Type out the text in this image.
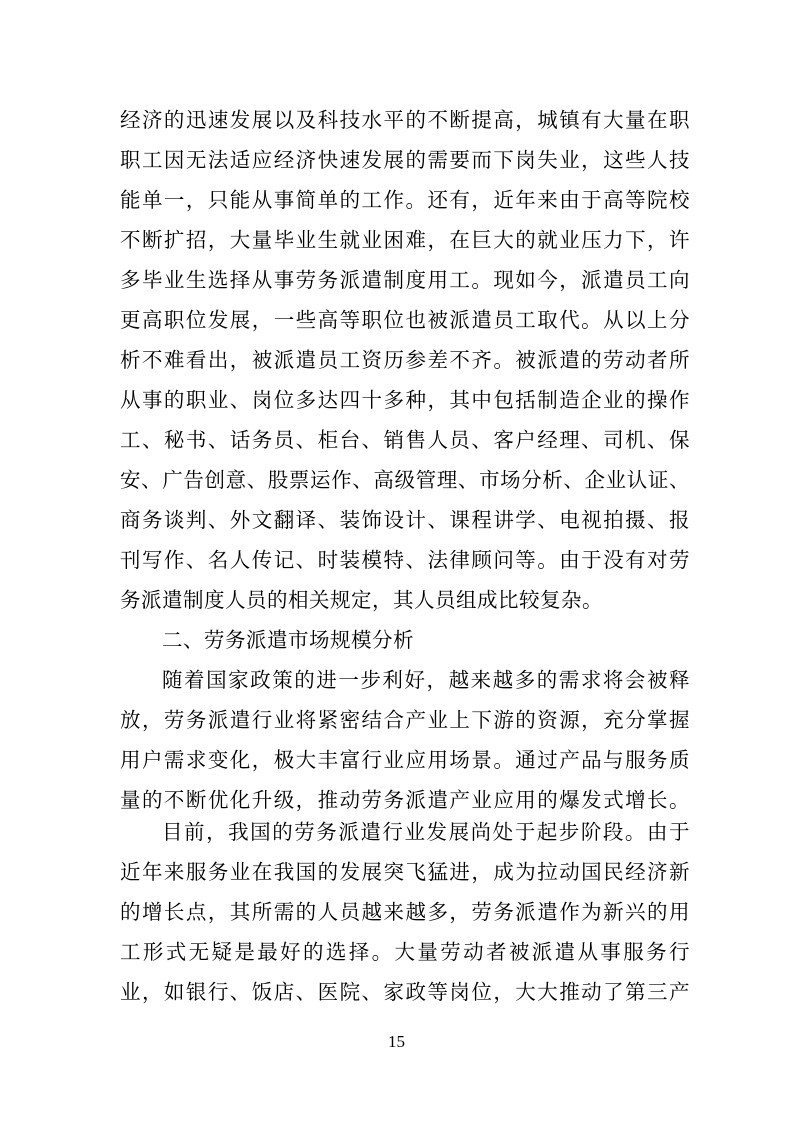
经济的迅速发展以及科技水平的不断提高，城镇有大量在职
职工因无法适应经济快速发展的需要而下岗失业，这些人技
能单一，只能从事简单的工作。还有，近年来由于高等院校
不断扩招，大量毕业生就业困难，在巨大的就业压力下，许
多毕业生选择从事劳务派遣制度用工。现如今，派遣员工向
更高职位发展，一些高等职位也被派遣员工取代。从以上分
析不难看出，被派遣员工资历参差不齐。被派遣的劳动者所
从事的职业、岗位多达四十多种，其中包括制造企业的操作
工、秘书、话务员、柜台、销售人员、客户经理、司机、保
安、广告创意、股票运作、高级管理、市场分析、企业认证、
商务谈判、外文翻译、装饰设计、课程讲学、电视拍摄、报
刊写作、名人传记、时装模特、法律顾问等。由于没有对劳
务派遣制度人员的相关规定，其人员组成比较复杂。
二、劳务派遣市场规模分析
随着国家政策的进一步利好，越来越多的需求将会被释
放，劳务派遣行业将紧密结合产业上下游的资源，充分掌握
用户需求变化，极大丰富行业应用场景。通过产品与服务质
量的不断优化升级，推动劳务派遣产业应用的爆发式增长。
目前，我国的劳务派遣行业发展尚处于起步阶段。由于
近年来服务业在我国的发展突飞猛进，成为拉动国民经济新
的增长点，其所需的人员越来越多，劳务派遣作为新兴的用
工形式无疑是最好的选择。大量劳动者被派遣从事服务行
业，如银行、饭店、医院、家政等岗位，大大推动了第三产
15
